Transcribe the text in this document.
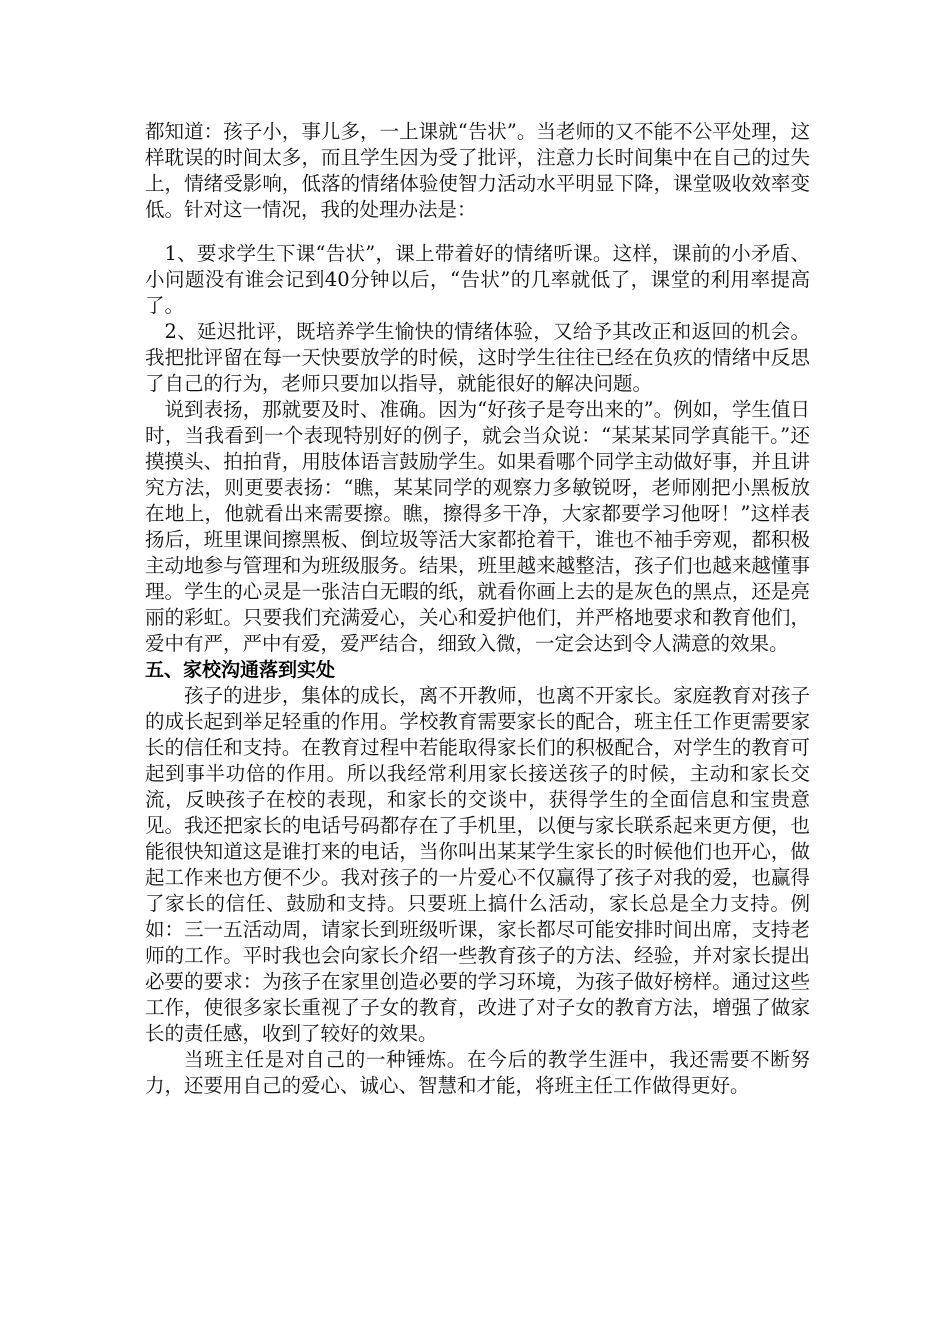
都知道：孩子小，事儿多，一上课就“告状”。当老师的又不能不公平处理，这样耽误的时间太多，而且学生因为受了批评，注意力长时间集中在自己的过失上，情绪受影响，低落的情绪体验使智力活动水平明显下降，课堂吸收效率变低。针对这一情况，我的处理办法是：

1、要求学生下课“告状”，课上带着好的情绪听课。这样，课前的小矛盾、小问题没有谁会记到40分钟以后，“告状”的几率就低了，课堂的利用率提高了。

2、延迟批评，既培养学生愉快的情绪体验，又给予其改正和返回的机会。我把批评留在每一天快要放学的时候，这时学生往往已经在负疚的情绪中反思了自己的行为，老师只要加以指导，就能很好的解决问题。

说到表扬，那就要及时、准确。因为“好孩子是夸出来的”。例如，学生值日时，当我看到一个表现特别好的例子，就会当众说：“某某某同学真能干。”还摸摸头、拍拍背，用肢体语言鼓励学生。如果看哪个同学主动做好事，并且讲究方法，则更要表扬：“瞧，某某同学的观察力多敏锐呀，老师刚把小黑板放在地上，他就看出来需要擦。瞧，擦得多干净，大家都要学习他呀！”这样表扬后，班里课间擦黑板、倒垃圾等活大家都抢着干，谁也不袖手旁观，都积极主动地参与管理和为班级服务。结果，班里越来越整洁，孩子们也越来越懂事理。学生的心灵是一张洁白无暇的纸，就看你画上去的是灰色的黑点，还是亮丽的彩虹。只要我们充满爱心，关心和爱护他们，并严格地要求和教育他们，爱中有严，严中有爱，爱严结合，细致入微，一定会达到令人满意的效果。

五、家校沟通落到实处

孩子的进步，集体的成长，离不开教师，也离不开家长。家庭教育对孩子的成长起到举足轻重的作用。学校教育需要家长的配合，班主任工作更需要家长的信任和支持。在教育过程中若能取得家长们的积极配合，对学生的教育可起到事半功倍的作用。所以我经常利用家长接送孩子的时候，主动和家长交流，反映孩子在校的表现，和家长的交谈中，获得学生的全面信息和宝贵意见。我还把家长的电话号码都存在了手机里，以便与家长联系起来更方便，也能很快知道这是谁打来的电话，当你叫出某某学生家长的时候他们也开心，做起工作来也方便不少。我对孩子的一片爱心不仅赢得了孩子对我的爱，也赢得了家长的信任、鼓励和支持。只要班上搞什么活动，家长总是全力支持。例如：三一五活动周，请家长到班级听课，家长都尽可能安排时间出席，支持老师的工作。平时我也会向家长介绍一些教育孩子的方法、经验，并对家长提出必要的要求：为孩子在家里创造必要的学习环境，为孩子做好榜样。通过这些工作，使很多家长重视了子女的教育，改进了对子女的教育方法，增强了做家长的责任感，收到了较好的效果。

当班主任是对自己的一种锤炼。在今后的教学生涯中，我还需要不断努力，还要用自己的爱心、诚心、智慧和才能，将班主任工作做得更好。
